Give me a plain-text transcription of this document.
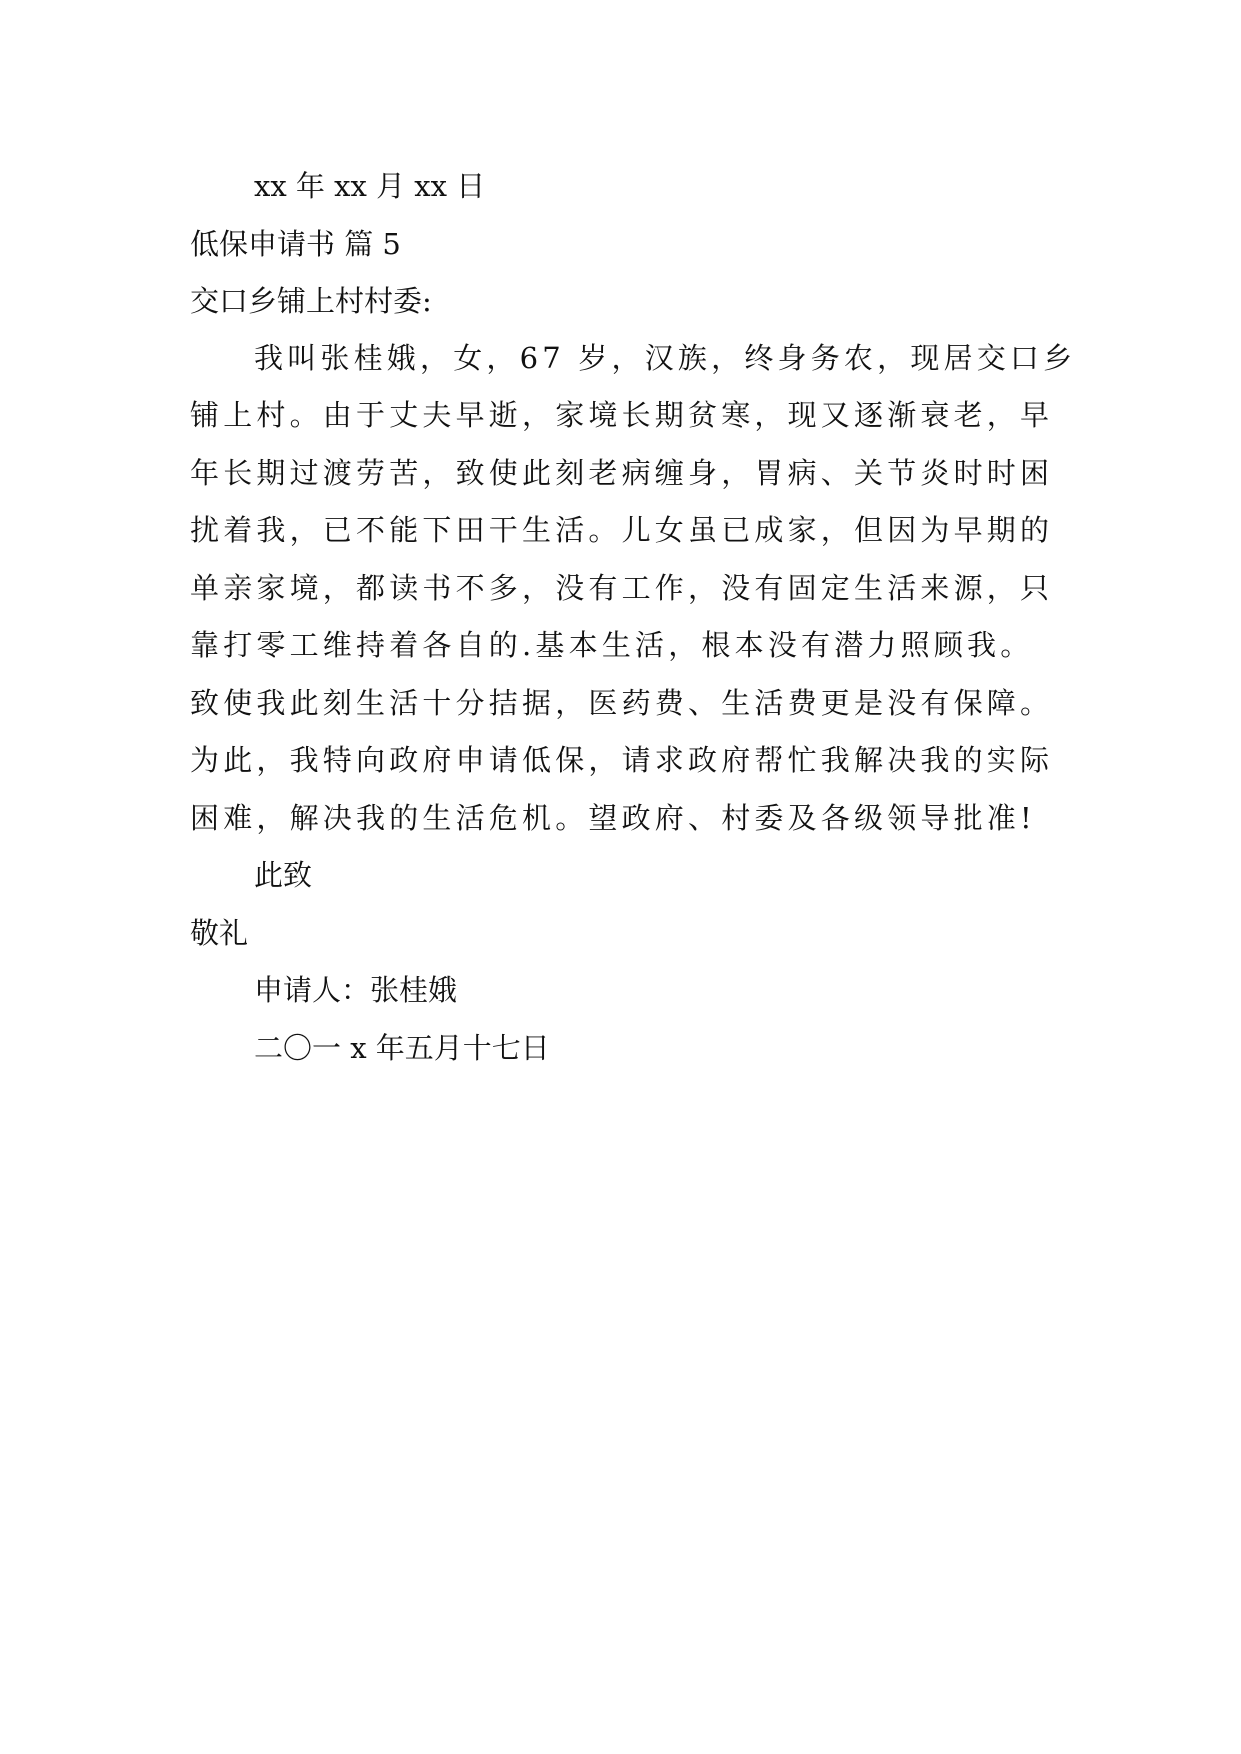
xx 年 xx 月 xx 日
低保申请书 篇 5
交口乡铺上村村委:
我叫张桂娥，女，67 岁，汉族，终身务农，现居交口乡
铺上村。由于丈夫早逝，家境长期贫寒，现又逐渐衰老，早
年长期过渡劳苦，致使此刻老病缠身，胃病、关节炎时时困
扰着我，已不能下田干生活。儿女虽已成家，但因为早期的
单亲家境，都读书不多，没有工作，没有固定生活来源，只
靠打零工维持着各自的.基本生活，根本没有潜力照顾我。
致使我此刻生活十分拮据，医药费、生活费更是没有保障。
为此，我特向政府申请低保，请求政府帮忙我解决我的实际
困难，解决我的生活危机。望政府、村委及各级领导批准!
此致
敬礼
申请人：张桂娥
二〇一 x 年五月十七日
